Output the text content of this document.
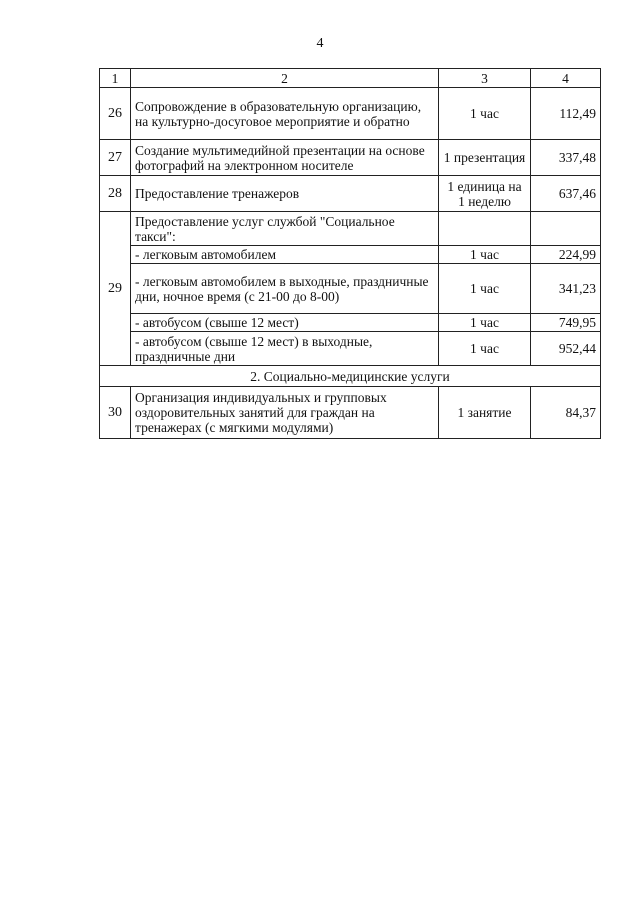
4
1	2	3	4
26	Сопровождение в образовательную организацию, на культурно-досуговое мероприятие и обратно	1 час	112,49
27	Создание мультимедийной презентации на основе фотографий на электронном носителе	1 презентация	337,48
28	Предоставление тренажеров	1 единица на 1 неделю	637,46
29	Предоставление услуг службой "Социальное такси":		
	- легковым автомобилем	1 час	224,99
	- легковым автомобилем в выходные, праздничные дни, ночное время (с 21-00 до 8-00)	1 час	341,23
	- автобусом (свыше 12 мест)	1 час	749,95
	- автобусом (свыше 12 мест) в выходные, праздничные дни	1 час	952,44
2. Социально-медицинские услуги			
30	Организация индивидуальных и групповых оздоровительных занятий для граждан на тренажерах (с мягкими модулями)	1 занятие	84,37
